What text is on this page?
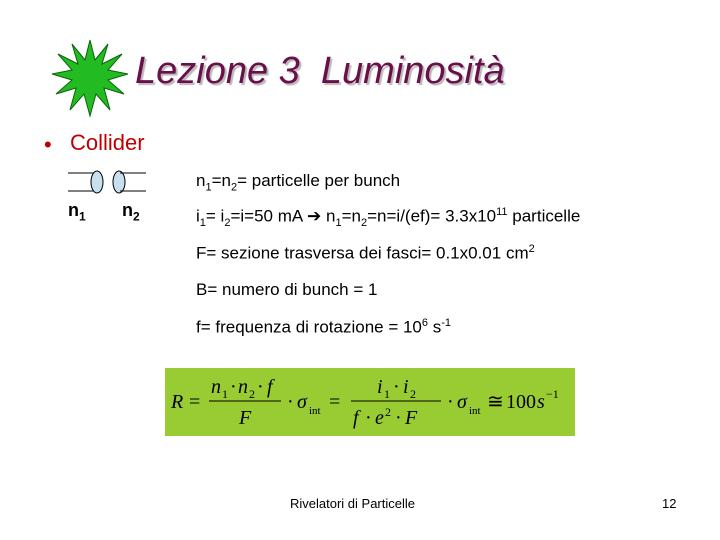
Lezione 3  Luminosità
• Collider
$n_1$ $n_2$
$n_1=n_2=$ particelle per bunch
$i_1= i_2=i=50$ mA ➔ $n_1=n_2=n=i/(ef)= 3.3x10^{11}$ particelle
F= sezione trasversa dei fasci= 0.1x0.01 $cm^2$
B= numero di bunch = 1
f= frequenza di rotazione = $10^6$ $s^{-1}$
R =
n 1 · n 2 · f
F
· σ int =
i 1 · i 2
f · e 2 · F
· σ int ≅ 100 s −1
Rivelatori di Particelle	12
